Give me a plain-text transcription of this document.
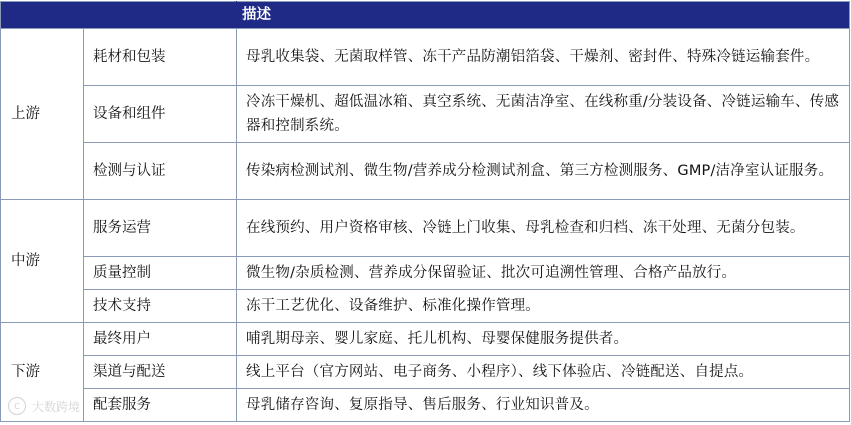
		描述
上游	耗材和包装	母乳收集袋、无菌取样管、冻干产品防潮铝箔袋、干燥剂、密封件、特殊冷链运输套件。
	设备和组件	冷冻干燥机、超低温冰箱、真空系统、无菌洁净室、在线称重/分装设备、冷链运输车、传感器和控制系统。
	检测与认证	传染病检测试剂、微生物/营养成分检测试剂盒、第三方检测服务、GMP/洁净室认证服务。
中游	服务运营	在线预约、用户资格审核、冷链上门收集、母乳检查和归档、冻干处理、无菌分包装。
	质量控制	微生物/杂质检测、营养成分保留验证、批次可追溯性管理、合格产品放行。
	技术支持	冻干工艺优化、设备维护、标准化操作管理。
下游	最终用户	哺乳期母亲、婴儿家庭、托儿机构、母婴保健服务提供者。
	渠道与配送	线上平台（官方网站、电子商务、小程序）、线下体验店、冷链配送、自提点。
	配套服务	母乳储存咨询、复原指导、售后服务、行业知识普及。
C	大数跨境
